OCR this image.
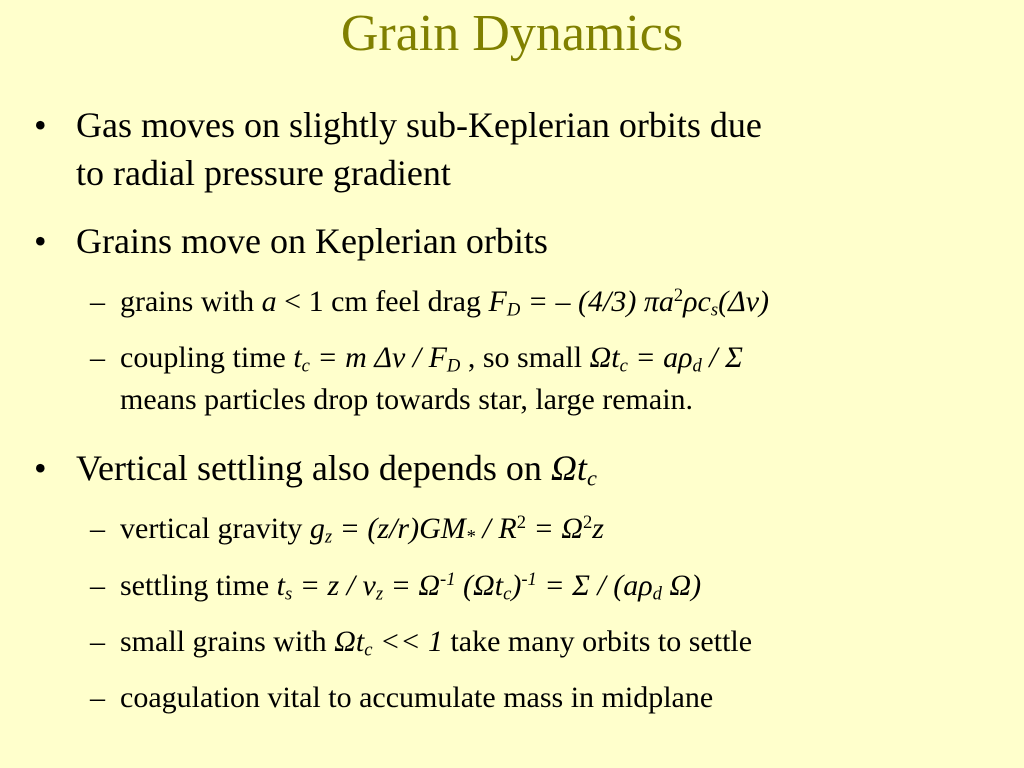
Grain Dynamics
• Gas moves on slightly sub-Keplerian orbits due
to radial pressure gradient
• Grains move on Keplerian orbits
– grains with a < 1 cm feel drag $F_D$ = – (4/3) $\pi a^2\rho c_s(\Delta v)$
– coupling time $t_c = m$ Δv / $F_D$ , so small $\Omega t_c = a\rho_d / \Sigma$
means particles drop towards star, large remain.
• Vertical settling also depends on $\Omega t_c$
– vertical gravity $g_z = (z/r)GM_* / R^2 = \Omega^2z$
– settling time $t_s = z / v_z = \Omega^{-1}$ $(\Omega t_c)^{-1} = \Sigma / (a\rho_d$ Ω)
– small grains with $\Omega t_c << 1$ take many orbits to settle
– coagulation vital to accumulate mass in midplane
